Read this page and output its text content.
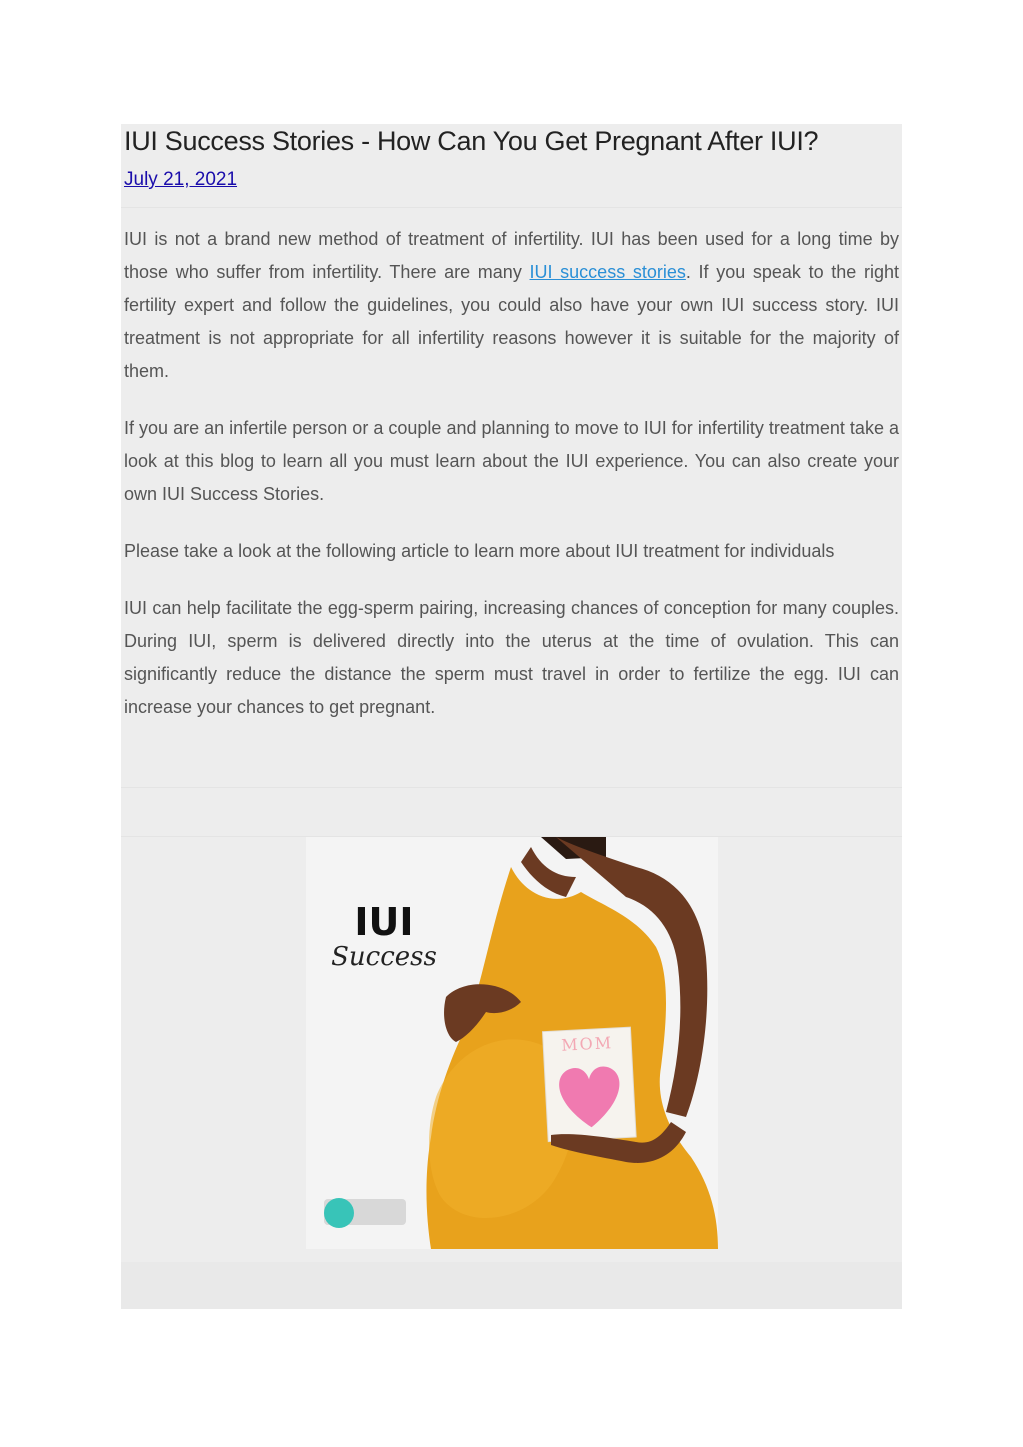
IUI Success Stories - How Can You Get Pregnant After IUI?
July 21, 2021

IUI is not a brand new method of treatment of infertility. IUI has been used for a long time by those who suffer from infertility. There are many IUI success stories. If you speak to the right fertility expert and follow the guidelines, you could also have your own IUI success story. IUI treatment is not appropriate for all infertility reasons however it is suitable for the majority of them.

If you are an infertile person or a couple and planning to move to IUI for infertility treatment take a look at this blog to learn all you must learn about the IUI experience. You can also create your own IUI Success Stories.

Please take a look at the following article to learn more about IUI treatment for individuals

IUI can help facilitate the egg-sperm pairing, increasing chances of conception for many couples. During IUI, sperm is delivered directly into the uterus at the time of ovulation. This can significantly reduce the distance the sperm must travel in order to fertilize the egg. IUI can increase your chances to get pregnant.

MOM
IUI
Success
